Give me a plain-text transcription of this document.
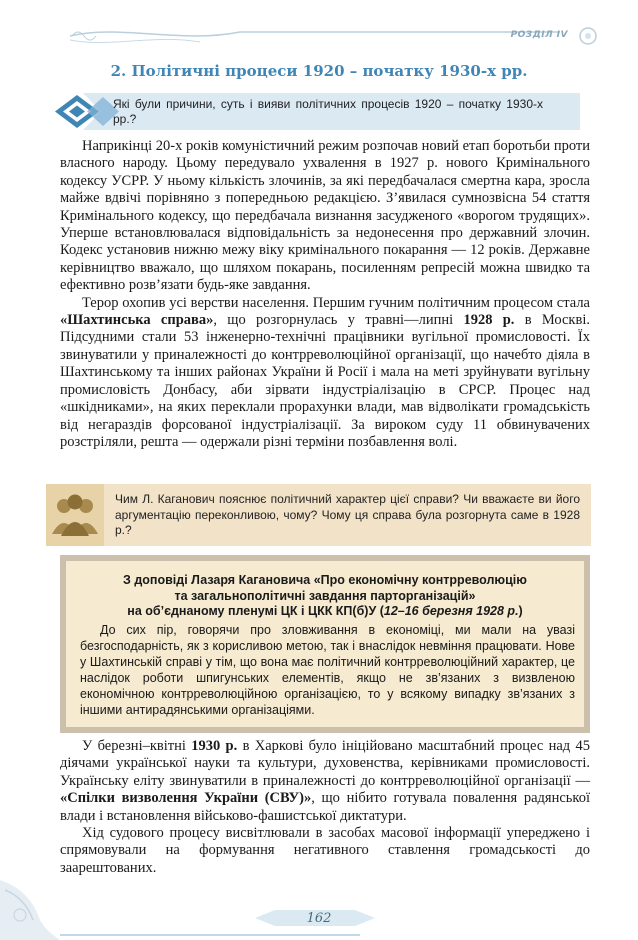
РОЗДІЛ IV
2. Політичні процеси 1920 – початку 1930-х рр.
Які були причини, суть і вияви політичних процесів 1920 – початку 1930-х рр.?

Наприкінці 20-х років комуністичний режим розпочав новий етап боротьби проти власного народу. Цьому передувало ухвалення в 1927 р. нового Кримінального кодексу УСРР. У ньому кількість злочинів, за які передбачалася смертна кара, зросла майже вдвічі порівняно з попередньою редакцією. З’явилася сумнозвісна 54 стаття Кримінального кодексу, що передбачала визнання засудженого «ворогом трудящих». Уперше встановлювалася відповідальність за недонесення про державний злочин. Кодекс установив нижню межу віку кримінального покарання — 12 років. Державне керівництво вважало, що шляхом покарань, посиленням репресій можна швидко та ефективно розв’язати будь-яке завдання.

Терор охопив усі верстви населення. Першим гучним політичним процесом стала «Шахтинська справа», що розгорнулась у травні—липні 1928 р. в Москві. Підсудними стали 53 інженерно-технічні працівники вугільної промисловості. Їх звинуватили у приналежності до контрреволюційної організації, що начебто діяла в Шахтинському та інших районах України й Росії і мала на меті зруйнувати вугільну промисловість Донбасу, аби зірвати індустріалізацію в СРСР. Процес над «шкідниками», на яких переклали прорахунки влади, мав відволікати громадськість від негараздів форсованої індустріалізації. За вироком суду 11 обвинувачених розстріляли, решта — одержали різні терміни позбавлення волі.

Чим Л. Каганович пояснює політичний характер цієї справи? Чи вважаєте ви його аргументацію переконливою, чому? Чому ця справа була розгорнута саме в 1928 р.?
З доповіді Лазаря Кагановича «Про економічну контрреволюцію
та загальнополітичні завдання парторганізацій»
на об’єднаному пленумі ЦК і ЦКК КП(б)У (12–16 березня 1928 р.)

До сих пір, говорячи про зловживання в економіці, ми мали на увазі безгосподарність, як з корисливою метою, так і внаслідок невміння працювати. Нове у Шахтинській справі у тім, що вона має політичний контрреволюційний характер, це наслідок роботи шпигунських елементів, якщо не зв’язаних з визвленою економічною контрреволюційною організацією, то у всякому випадку зв’язаних з іншими антирадянськими організаціями.

У березні–квітні 1930 р. в Харкові було ініційовано масштабний процес над 45 діячами української науки та культури, духовенства, керівниками промисловості. Українську еліту звинуватили в приналежності до контрреволюційної організації — «Спілки визволення України (СВУ)», що нібито готувала повалення радянської влади і встановлення військово-фашистської диктатури.

Хід судового процесу висвітлювали в засобах масової інформації упереджено і спрямовували на формування негативного ставлення громадськості до заарештованих.

162
